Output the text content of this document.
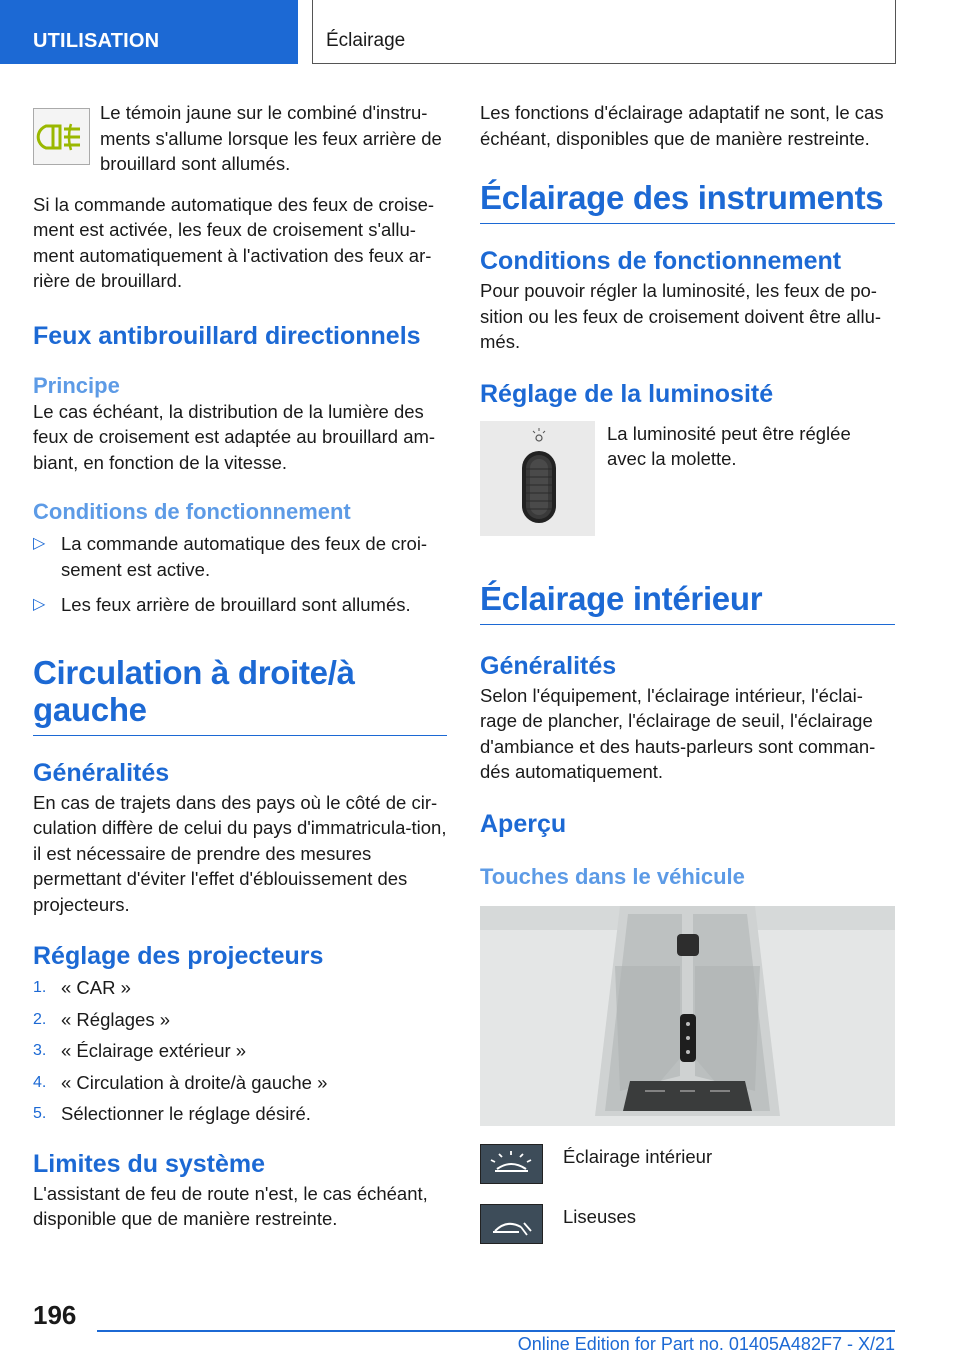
UTILISATION	Éclairage

Le témoin jaune sur le combiné d'instru-ments s'allume lorsque les feux arrière de brouillard sont allumés.

Si la commande automatique des feux de croise-ment est activée, les feux de croisement s'allu-ment automatiquement à l'activation des feux ar-rière de brouillard.

Feux antibrouillard directionnels
Principe

Le cas échéant, la distribution de la lumière des feux de croisement est adaptée au brouillard am-biant, en fonction de la vitesse.

Conditions de fonctionnement
▷ La commande automatique des feux de croi-sement est active.
▷ Les feux arrière de brouillard sont allumés.
Circulation à droite/à gauche
Généralités

En cas de trajets dans des pays où le côté de cir-culation diffère de celui du pays d'immatricula-tion, il est nécessaire de prendre des mesures permettant d'éviter l'effet d'éblouissement des projecteurs.

Réglage des projecteurs
1. « CAR »
2. « Réglages »
3. « Éclairage extérieur »
4. « Circulation à droite/à gauche »
5. Sélectionner le réglage désiré.
Limites du système

L'assistant de feu de route n'est, le cas échéant, disponible que de manière restreinte.

Les fonctions d'éclairage adaptatif ne sont, le cas échéant, disponibles que de manière restreinte.

Éclairage des instruments
Conditions de fonctionnement

Pour pouvoir régler la luminosité, les feux de po-sition ou les feux de croisement doivent être allu-més.

Réglage de la luminosité

La luminosité peut être réglée avec la molette.

Éclairage intérieur
Généralités

Selon l'équipement, l'éclairage intérieur, l'éclai-rage de plancher, l'éclairage de seuil, l'éclairage d'ambiance et des hauts-parleurs sont comman-dés automatiquement.

Aperçu
Touches dans le véhicule

Éclairage intérieur

Liseuses

196
Online Edition for Part no. 01405A482F7 - X/21
